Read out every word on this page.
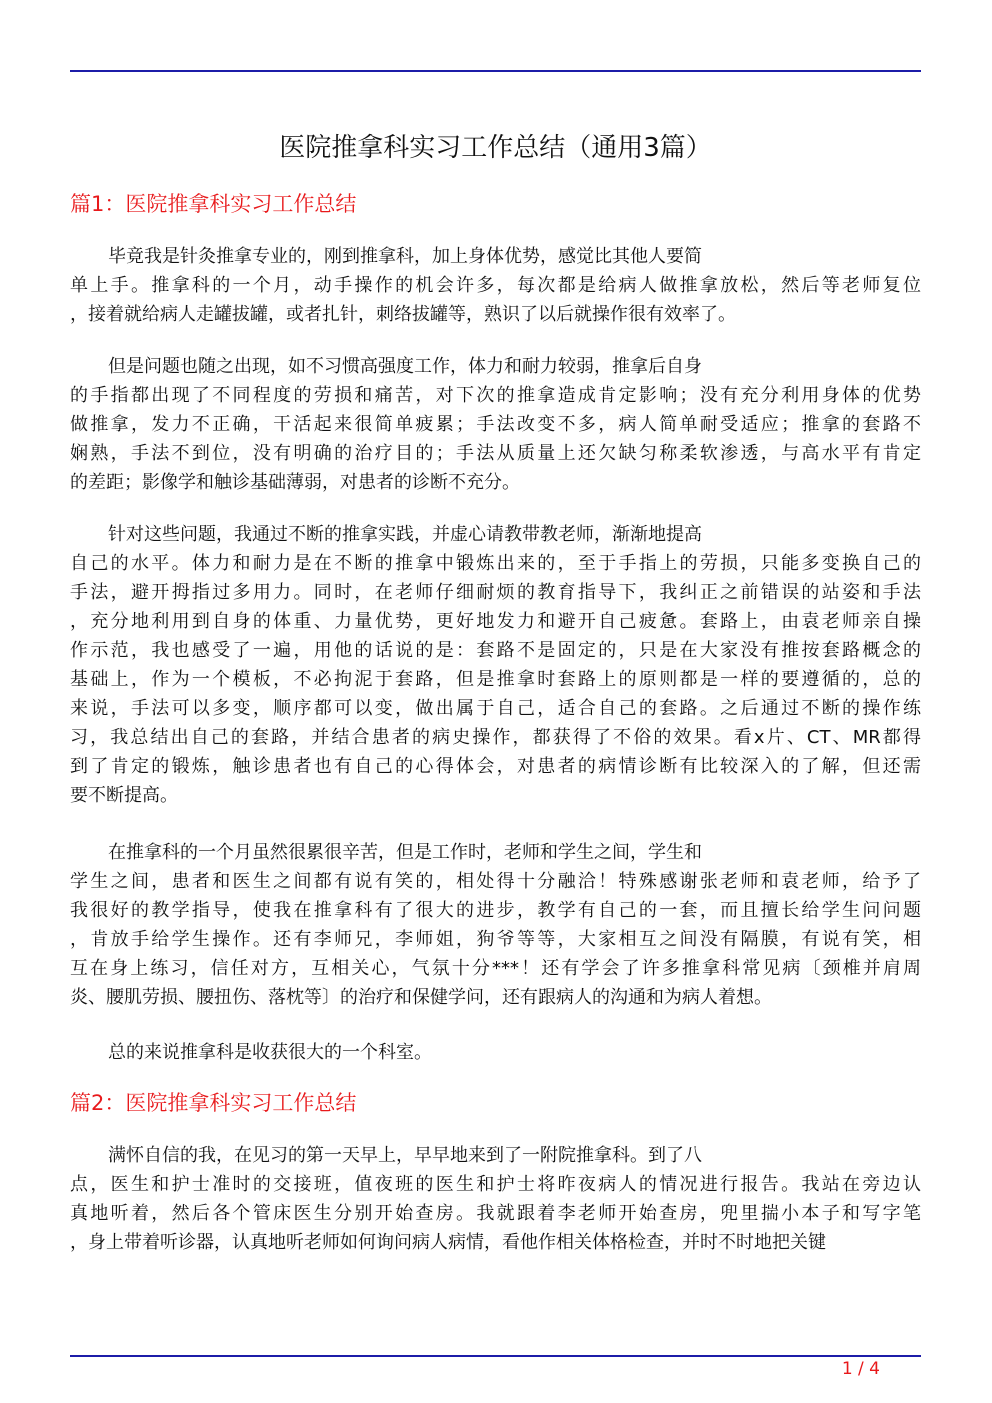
医院推拿科实习工作总结（通用3篇）
篇1：医院推拿科实习工作总结
毕竟我是针灸推拿专业的，刚到推拿科，加上身体优势，感觉比其他人要简
单上手。推拿科的一个月，动手操作的机会许多，每次都是给病人做推拿放松，然后等老师复位
，接着就给病人走罐拔罐，或者扎针，刺络拔罐等，熟识了以后就操作很有效率了。
但是问题也随之出现，如不习惯高强度工作，体力和耐力较弱，推拿后自身
的手指都出现了不同程度的劳损和痛苦，对下次的推拿造成肯定影响；没有充分利用身体的优势
做推拿，发力不正确，干活起来很简单疲累；手法改变不多，病人简单耐受适应；推拿的套路不
娴熟，手法不到位，没有明确的治疗目的；手法从质量上还欠缺匀称柔软渗透，与高水平有肯定
的差距；影像学和触诊基础薄弱，对患者的诊断不充分。
针对这些问题，我通过不断的推拿实践，并虚心请教带教老师，渐渐地提高
自己的水平。体力和耐力是在不断的推拿中锻炼出来的，至于手指上的劳损，只能多变换自己的
手法，避开拇指过多用力。同时，在老师仔细耐烦的教育指导下，我纠正之前错误的站姿和手法
，充分地利用到自身的体重、力量优势，更好地发力和避开自己疲惫。套路上，由袁老师亲自操
作示范，我也感受了一遍，用他的话说的是：套路不是固定的，只是在大家没有推按套路概念的
基础上，作为一个模板，不必拘泥于套路，但是推拿时套路上的原则都是一样的要遵循的，总的
来说，手法可以多变，顺序都可以变，做出属于自己，适合自己的套路。之后通过不断的操作练
习，我总结出自己的套路，并结合患者的病史操作，都获得了不俗的效果。看x片、CT、MR都得
到了肯定的锻炼，触诊患者也有自己的心得体会，对患者的病情诊断有比较深入的了解，但还需
要不断提高。
在推拿科的一个月虽然很累很辛苦，但是工作时，老师和学生之间，学生和
学生之间，患者和医生之间都有说有笑的，相处得十分融洽！特殊感谢张老师和袁老师，给予了
我很好的教学指导，使我在推拿科有了很大的进步，教学有自己的一套，而且擅长给学生问问题
，肯放手给学生操作。还有李师兄，李师姐，狗爷等等，大家相互之间没有隔膜，有说有笑，相
互在身上练习，信任对方，互相关心，气氛十分***！还有学会了许多推拿科常见病〔颈椎并肩周
炎、腰肌劳损、腰扭伤、落枕等〕的治疗和保健学问，还有跟病人的沟通和为病人着想。
总的来说推拿科是收获很大的一个科室。
篇2：医院推拿科实习工作总结
满怀自信的我，在见习的第一天早上，早早地来到了一附院推拿科。到了八
点，医生和护士准时的交接班，值夜班的医生和护士将昨夜病人的情况进行报告。我站在旁边认
真地听着，然后各个管床医生分别开始查房。我就跟着李老师开始查房，兜里揣小本子和写字笔
，身上带着听诊器，认真地听老师如何询问病人病情，看他作相关体格检查，并时不时地把关键
1 / 4
